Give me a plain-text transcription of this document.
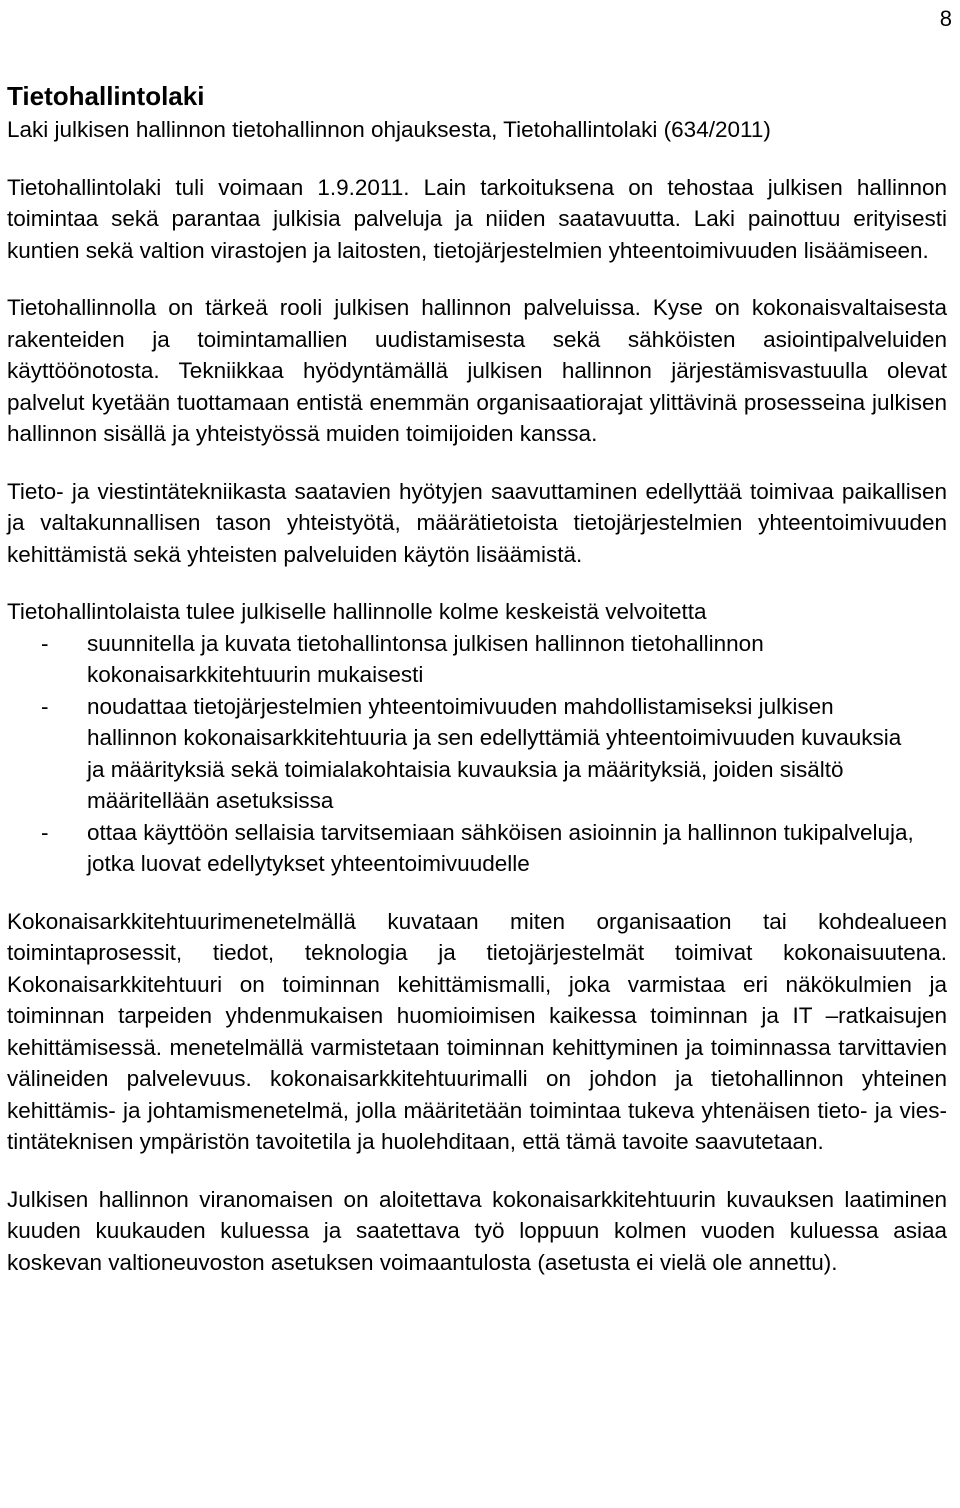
8
Tietohallintolaki
Laki julkisen hallinnon tietohallinnon ohjauksesta, Tietohallintolaki (634/2011)

Tietohallintolaki tuli voimaan 1.9.2011. Lain tarkoituksena on tehostaa julkisen hallinnon toimintaa sekä parantaa julkisia palveluja ja niiden saatavuutta. Laki painottuu erityisesti kuntien sekä valtion virastojen ja laitosten, tietojärjestelmien yhteentoimivuuden lisäämiseen.

Tietohallinnolla on tärkeä rooli julkisen hallinnon palveluissa. Kyse on kokonaisvaltaisesta rakenteiden ja toimintamallien uudistamisesta sekä sähköisten asiointipalveluiden käyttöönotosta. Tekniikkaa hyödyntämällä julkisen hallinnon järjestämisvastuulla olevat palvelut kyetään tuottamaan entistä enemmän organisaatiorajat ylittävinä prosesseina julkisen hallinnon sisällä ja yhteistyössä muiden toimijoiden kanssa.

Tieto- ja viestintätekniikasta saatavien hyötyjen saavuttaminen edellyttää toimivaa paikallisen ja valtakunnallisen tason yhteistyötä, määrätietoista tietojärjestelmien yhteentoimivuuden kehittämistä sekä yhteisten palveluiden käytön lisäämistä.

Tietohallintolaista tulee julkiselle hallinnolle kolme keskeistä velvoitetta

- suunnitella ja kuvata tietohallintonsa julkisen hallinnon tietohallinnon kokonaisarkkitehtuurin mukaisesti
- noudattaa tietojärjestelmien yhteentoimivuuden mahdollistamiseksi julkisen hallinnon kokonaisarkkitehtuuria ja sen edellyttämiä yhteentoimivuuden kuvauksia ja määrityksiä sekä toimialakohtaisia kuvauksia ja määrityksiä, joiden sisältö määritellään asetuksissa
- ottaa käyttöön sellaisia tarvitsemiaan sähköisen asioinnin ja hallinnon tukipalveluja, jotka luovat edellytykset yhteentoimivuudelle

Kokonaisarkkitehtuurimenetelmällä kuvataan miten organisaation tai kohdealueen toimintaprosessit, tiedot, teknologia ja tietojärjestelmät toimivat kokonaisuutena. Kokonaisarkkitehtuuri on toiminnan kehittämismalli, joka varmistaa eri näkökulmien ja toiminnan tarpeiden yhdenmukaisen huomioimisen kaikessa toiminnan ja IT –ratkaisujen kehittämisessä. menetelmällä varmistetaan toiminnan kehittyminen ja toiminnassa tarvittavien välineiden palvelevuus. kokonaisarkkitehtuurimalli on johdon ja tietohallinnon yhteinen kehittämis- ja johtamismenetelmä, jolla määritetään toimintaa tukeva yhtenäisen tieto- ja viestintäteknisen ympäristön tavoitetila ja huolehditaan, että tämä tavoite saavutetaan.

Julkisen hallinnon viranomaisen on aloitettava kokonaisarkkitehtuurin kuvauksen laatiminen kuuden kuukauden kuluessa ja saatettava työ loppuun kolmen vuoden kuluessa asiaa koskevan valtioneuvoston asetuksen voimaantulosta (asetusta ei vielä ole annettu).
